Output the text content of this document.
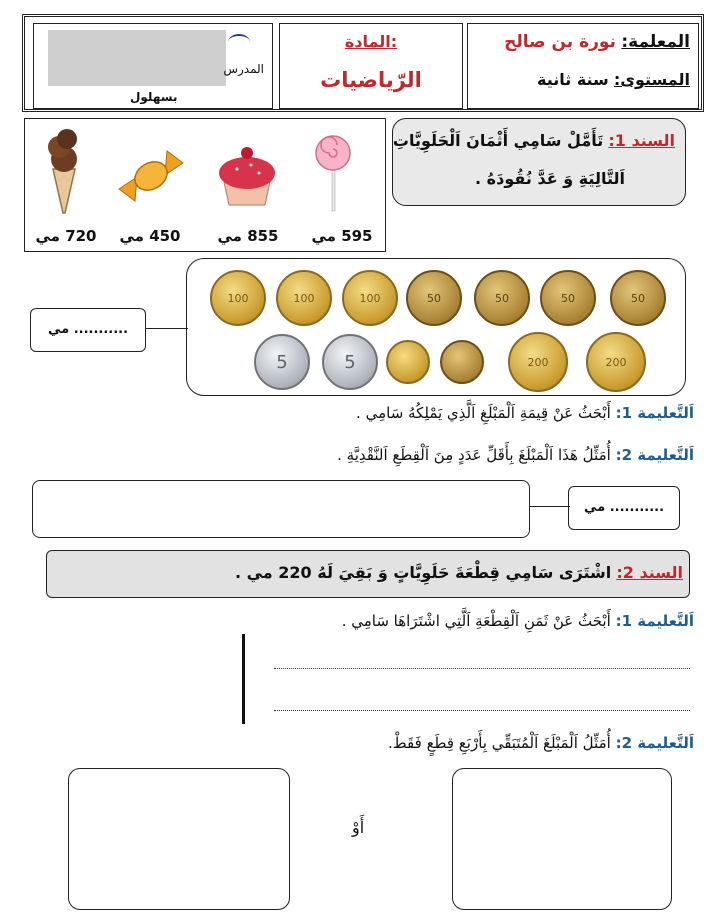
المعلمة: نورة بن صالح
المستوى: سنة ثانية
المادة:
الرّياضيات
المدرس
بسهلول
720 مي	450 مي	855 مي	595 مي
السند 1: تَأَمَّلْ سَامِي أَثْمَانَ اَلْحَلَوِيَّاتِ
اَلتَّالِيَةِ وَ عَدَّ نُقُودَهُ .
100	100	100	50	50	50	50
5	5	200	200
........... مي
اَلتَّعليمة 1: أَبْحَثُ عَنْ قِيمَةِ اَلْمَبْلَغِ اَلَّذِي يَمْلِكُهُ سَامِي .
اَلتَّعليمة 2: أُمَثِّلُ هَذَا اَلْمَبْلَغَ بِأَقَلِّ عَدَدٍ مِنَ اَلْقِطَعِ اَلنَّقْدِيَّةِ .
........... مي
السند 2: اشْتَرَى سَامِي قِطْعَةَ حَلَوِيَّاتٍ وَ بَقِيَ لَهُ 220 مي .
اَلتَّعليمة 1: أَبْحَثُ عَنْ ثَمَنِ اَلْقِطْعَةِ اَلَّتِي اشْتَرَاهَا سَامِي .
اَلتَّعليمة 2: أُمَثِّلُ اَلْمَبْلَغَ اَلْمُتَبَقِّي بِأَرْبَعِ قِطَعٍ فَقَطْ.
أَوْ
